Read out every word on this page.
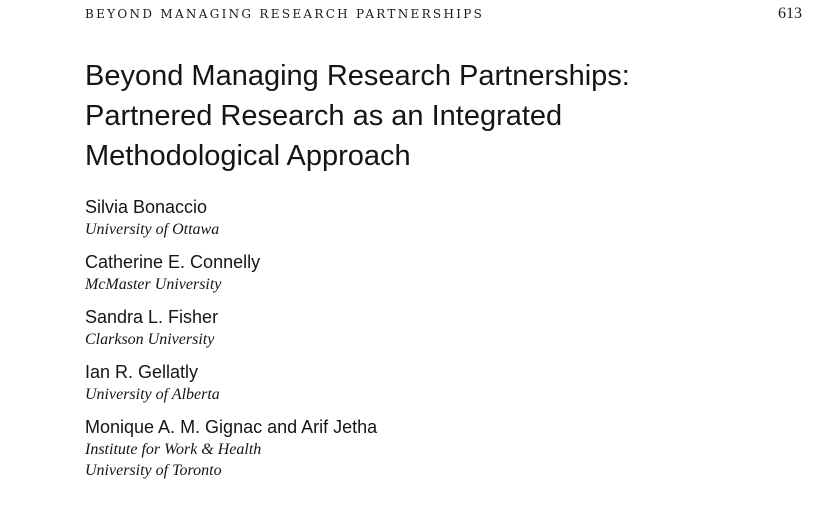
BEYOND MANAGING RESEARCH PARTNERSHIPS	613
Beyond Managing Research Partnerships:
Partnered Research as an Integrated
Methodological Approach
Silvia Bonaccio
University of Ottawa
Catherine E. Connelly
McMaster University
Sandra L. Fisher
Clarkson University
Ian R. Gellatly
University of Alberta
Monique A. M. Gignac and Arif Jetha
Institute for Work & Health
University of Toronto
